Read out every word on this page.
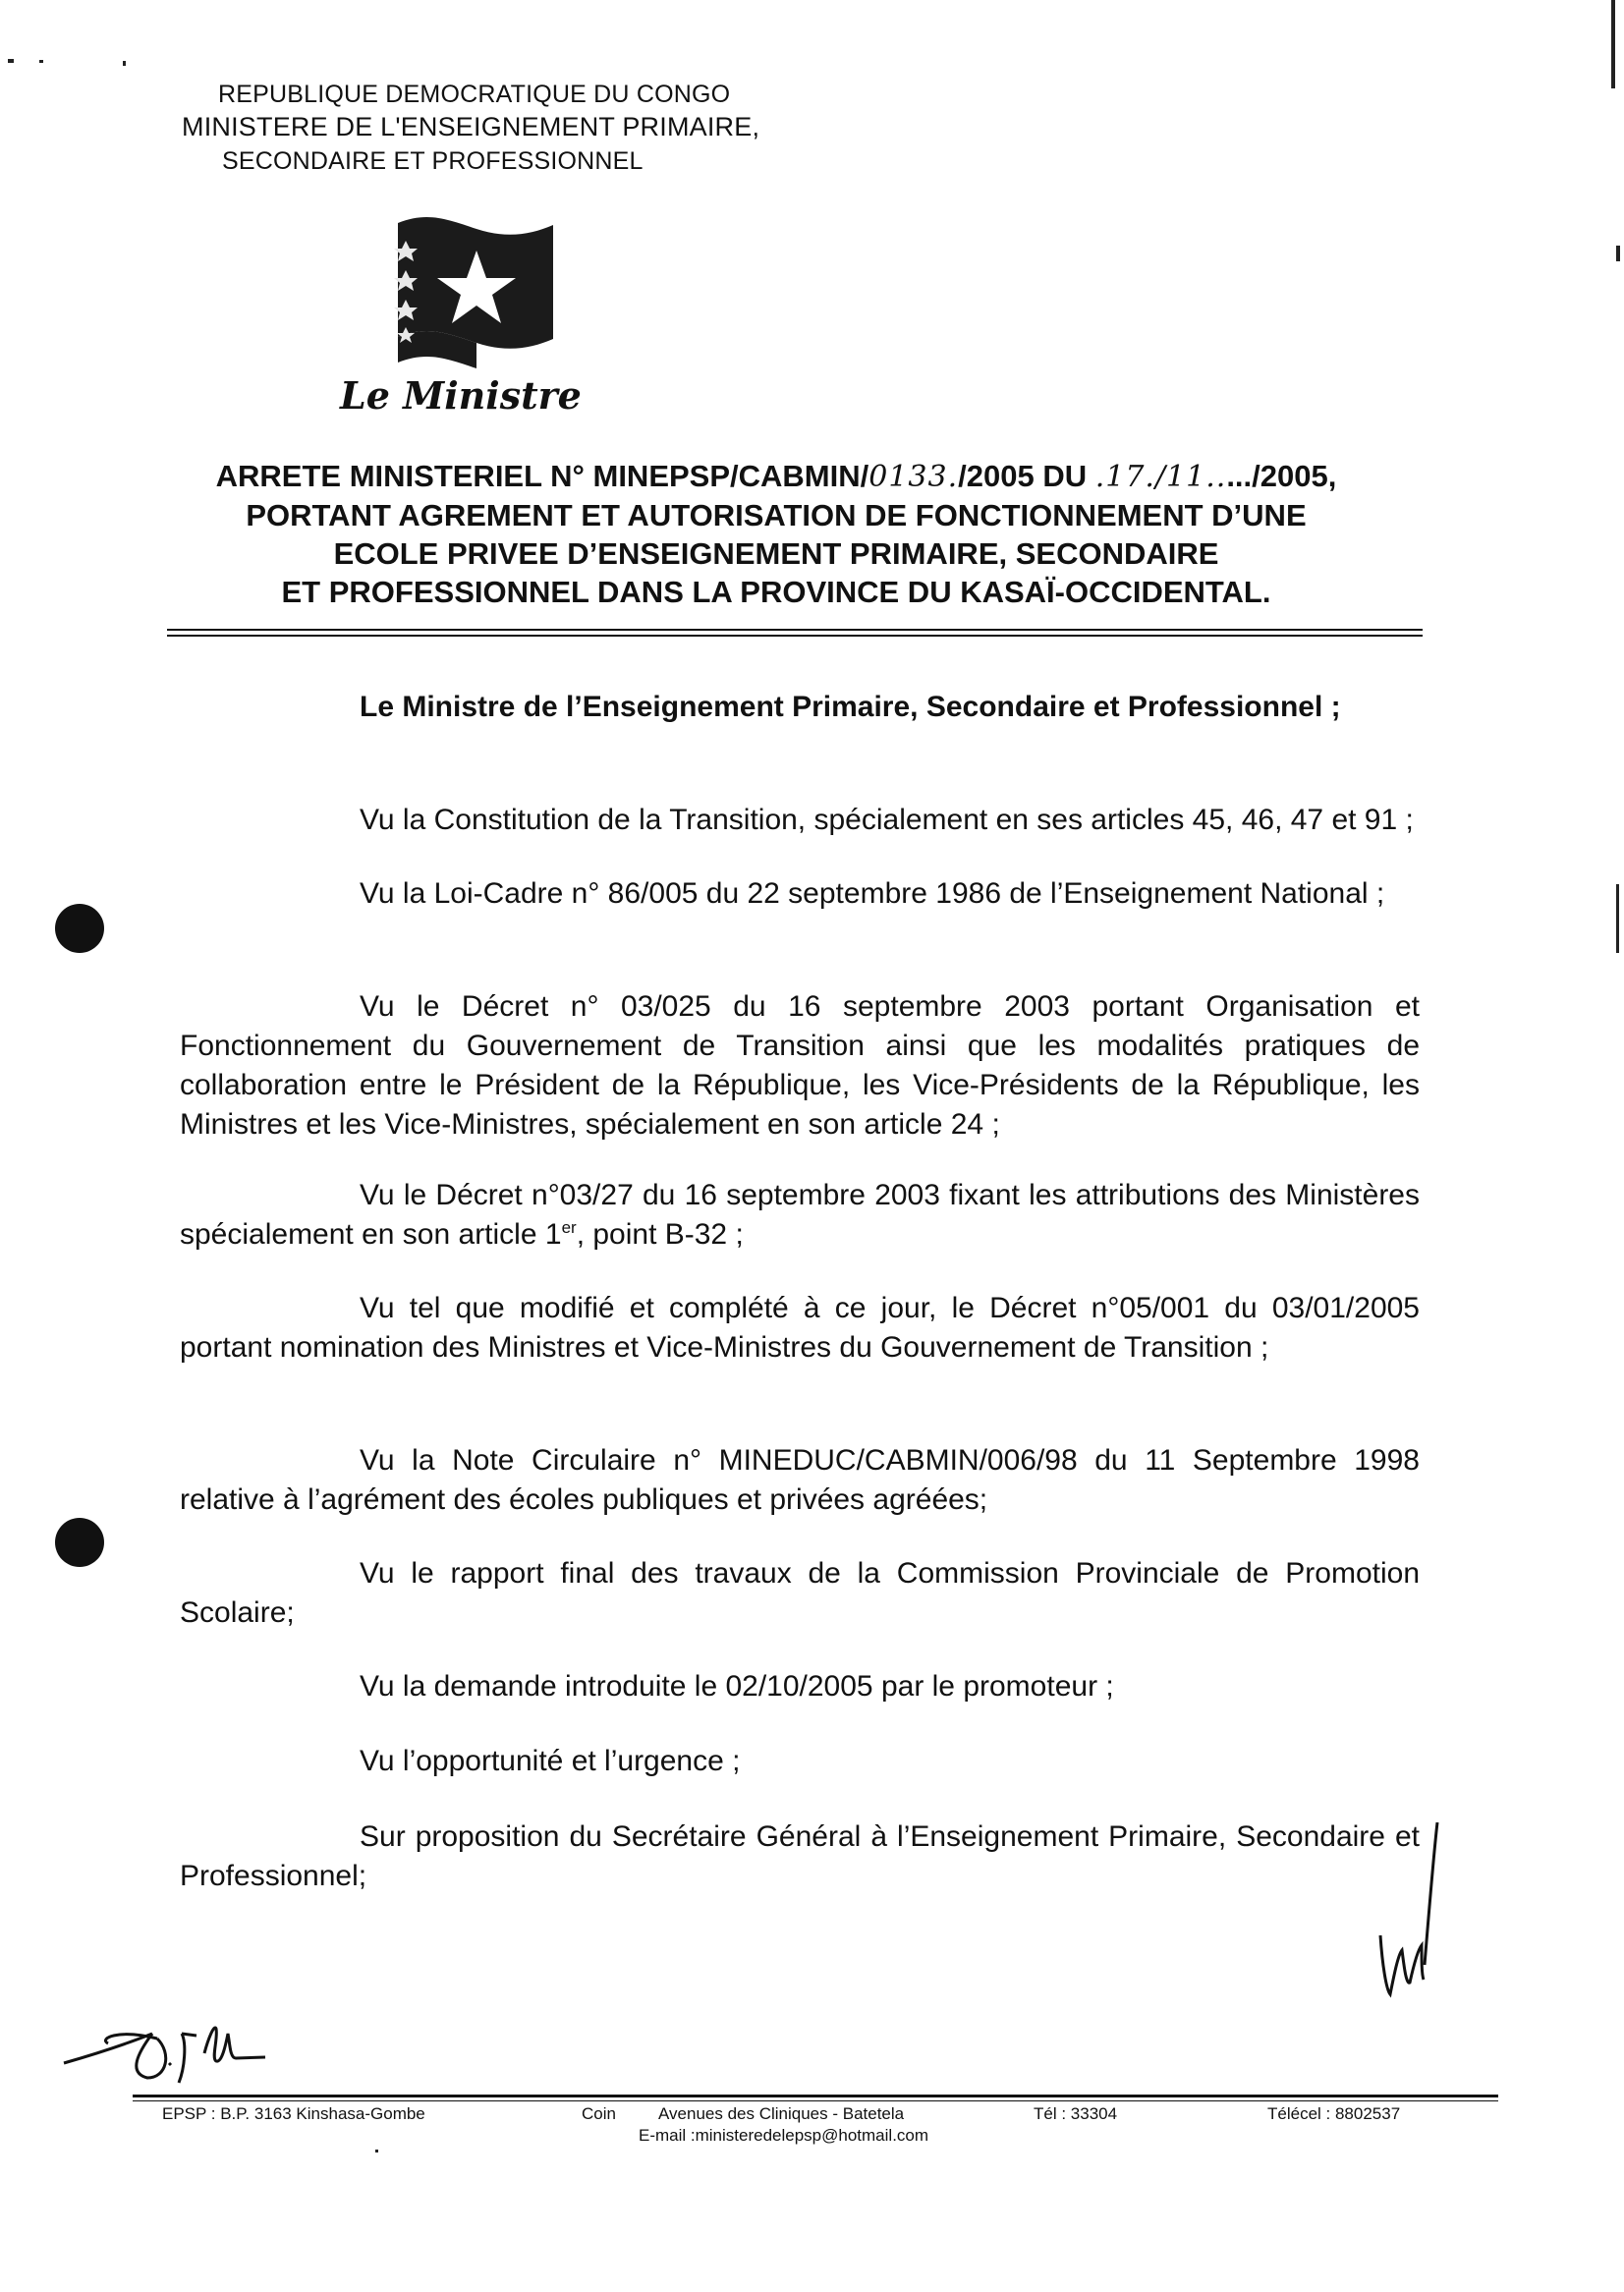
REPUBLIQUE DEMOCRATIQUE DU CONGO
MINISTERE DE L'ENSEIGNEMENT PRIMAIRE,
SECONDAIRE ET PROFESSIONNEL
Le Ministre
ARRETE MINISTERIEL N° MINEPSP/CABMIN/0133./2005 DU .17./11...../2005,
PORTANT AGREMENT ET AUTORISATION DE FONCTIONNEMENT D’UNE
ECOLE PRIVEE D’ENSEIGNEMENT PRIMAIRE, SECONDAIRE
ET PROFESSIONNEL DANS LA PROVINCE DU KASAÏ-OCCIDENTAL.
Le Ministre de l’Enseignement Primaire, Secondaire et Professionnel ;
Vu la Constitution de la Transition, spécialement en ses articles 45, 46, 47 et 91 ;
Vu la Loi-Cadre n° 86/005 du 22 septembre 1986 de l’Enseignement National ;
Vu le Décret n° 03/025 du 16 septembre 2003 portant Organisation et Fonctionnement du Gouvernement de Transition ainsi que les modalités pratiques de collaboration entre le Président de la République, les Vice-Présidents de la République, les Ministres et les Vice-Ministres, spécialement en son article 24 ;
Vu le Décret n°03/27 du 16 septembre 2003 fixant les attributions des Ministères spécialement en son article 1er, point B-32 ;
Vu tel que modifié et complété à ce jour, le Décret n°05/001 du 03/01/2005 portant nomination des Ministres et Vice-Ministres du Gouvernement de Transition ;
Vu la Note Circulaire n° MINEDUC/CABMIN/006/98 du 11 Septembre 1998 relative à l’agrément des écoles publiques et privées agréées;
Vu le rapport final des travaux de la Commission Provinciale de Promotion Scolaire;
Vu la demande introduite le 02/10/2005 par le promoteur ;
Vu l’opportunité et l’urgence ;
Sur proposition du Secrétaire Général à l’Enseignement Primaire, Secondaire et Professionnel;
EPSP : B.P. 3163 Kinshasa-Gombe	Coin	Avenues des Cliniques - Batetela	Tél : 33304	Télécel : 8802537
E-mail :ministeredelepsp@hotmail.com
